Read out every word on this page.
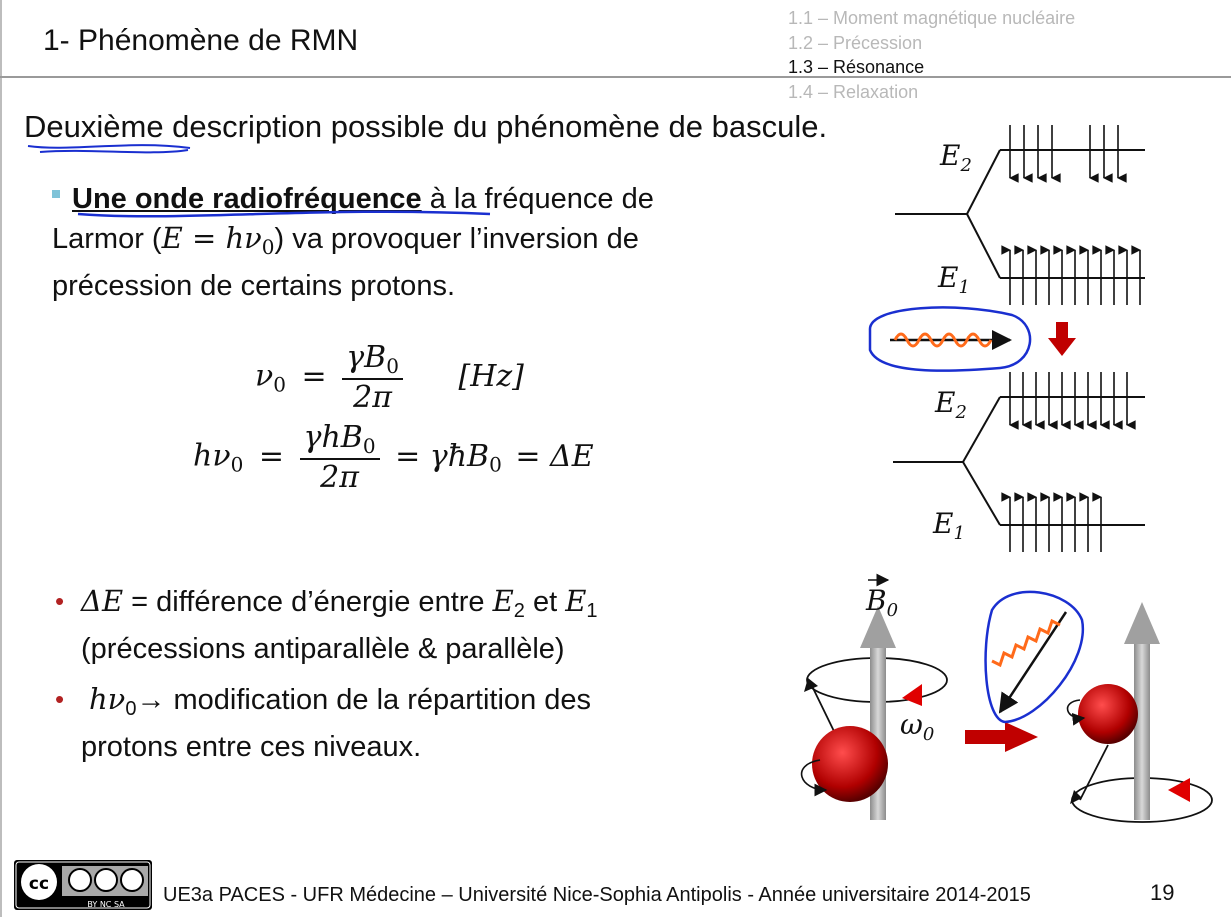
1- Phénomène de RMN
1.1 – Moment magnétique nucléaire
1.2 – Précession
1.3 – Résonance
1.4 – Relaxation
Deuxième description possible du phénomène de bascule.
Une onde radiofréquence à la fréquence de
Larmor $(E = h\nu_0)$ va provoquer l’inversion de
précession de certains protons.
$\nu_0 = \frac{\gamma B_0}{2\pi} [Hz]$
$h\nu_0 = \frac{\gamma hB_0}{2\pi}$ = γħB$_0$ = ΔE
• ΔE = différence d’énergie entre $E_2$ et $E_1$
(précessions antiparallèle & parallèle)
• $h\nu_0\to$ modification de la répartition des
protons entre ces niveaux.
$E_2$
$E_1$
$E_2$
$E_1$
$B_0$
$\omega_0$
cc
BY NC SA UE3a PACES - UFR Médecine – Université Nice-Sophia Antipolis - Année universitaire 2014-2015	19
